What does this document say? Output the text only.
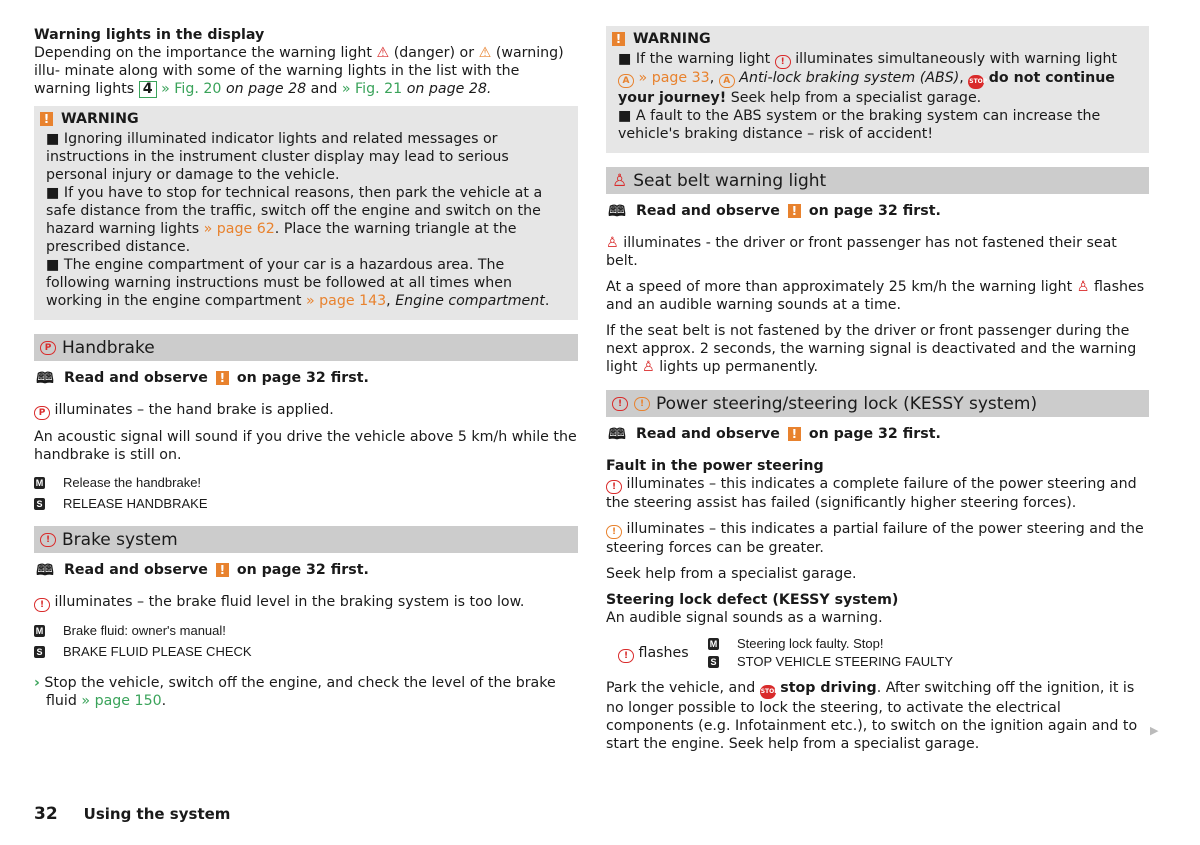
Warning lights in the display

Depending on the importance the warning light ⚠ (danger) or ⚠ (warning) illu- minate along with some of the warning lights in the list with the warning lights 4 » Fig. 20 on page 28 and » Fig. 21 on page 28.

! WARNING

■ Ignoring illuminated indicator lights and related messages or instructions in the instrument cluster display may lead to serious personal injury or damage to the vehicle.

■ If you have to stop for technical reasons, then park the vehicle at a safe distance from the traffic, switch off the engine and switch on the hazard warning lights » page 62. Place the warning triangle at the prescribed distance.

■ The engine compartment of your car is a hazardous area. The following warning instructions must be followed at all times when working in the engine compartment » page 143, Engine compartment.

P Handbrake
🕮 Read and observe ! on page 32 first.

P illuminates – the hand brake is applied.

An acoustic signal will sound if you drive the vehicle above 5 km/h while the handbrake is still on.

M Release the handbrake!
S RELEASE HANDBRAKE
! Brake system
🕮 Read and observe ! on page 32 first.

! illuminates – the brake fluid level in the braking system is too low.

M Brake fluid: owner's manual!
S BRAKE FLUID PLEASE CHECK

› Stop the vehicle, switch off the engine, and check the level of the brake fluid » page 150.

! WARNING

■ If the warning light ! illuminates simultaneously with warning light A » page 33, A Anti-lock braking system (ABS), STOP do not continue your journey! Seek help from a specialist garage.

■ A fault to the ABS system or the braking system can increase the vehicle's braking distance – risk of accident!

♙ Seat belt warning light
🕮 Read and observe ! on page 32 first.

♙ illuminates - the driver or front passenger has not fastened their seat belt.

At a speed of more than approximately 25 km/h the warning light ♙ flashes and an audible warning sounds at a time.

If the seat belt is not fastened by the driver or front passenger during the next approx. 2 seconds, the warning signal is deactivated and the warning light ♙ lights up permanently.

!	! Power steering/steering lock (KESSY system)
🕮 Read and observe ! on page 32 first.
Fault in the power steering

! illuminates – this indicates a complete failure of the power steering and the steering assist has failed (significantly higher steering forces).

! illuminates – this indicates a partial failure of the power steering and the steering forces can be greater.

Seek help from a specialist garage.

Steering lock defect (KESSY system)

An audible signal sounds as a warning.

! flashes
M Steering lock faulty. Stop!
S STOP VEHICLE STEERING FAULTY

Park the vehicle, and STOP stop driving. After switching off the ignition, it is no longer possible to lock the steering, to activate the electrical components (e.g. Infotainment etc.), to switch on the ignition again and to start the engine. Seek help from a specialist garage.

▶
32 Using the system
